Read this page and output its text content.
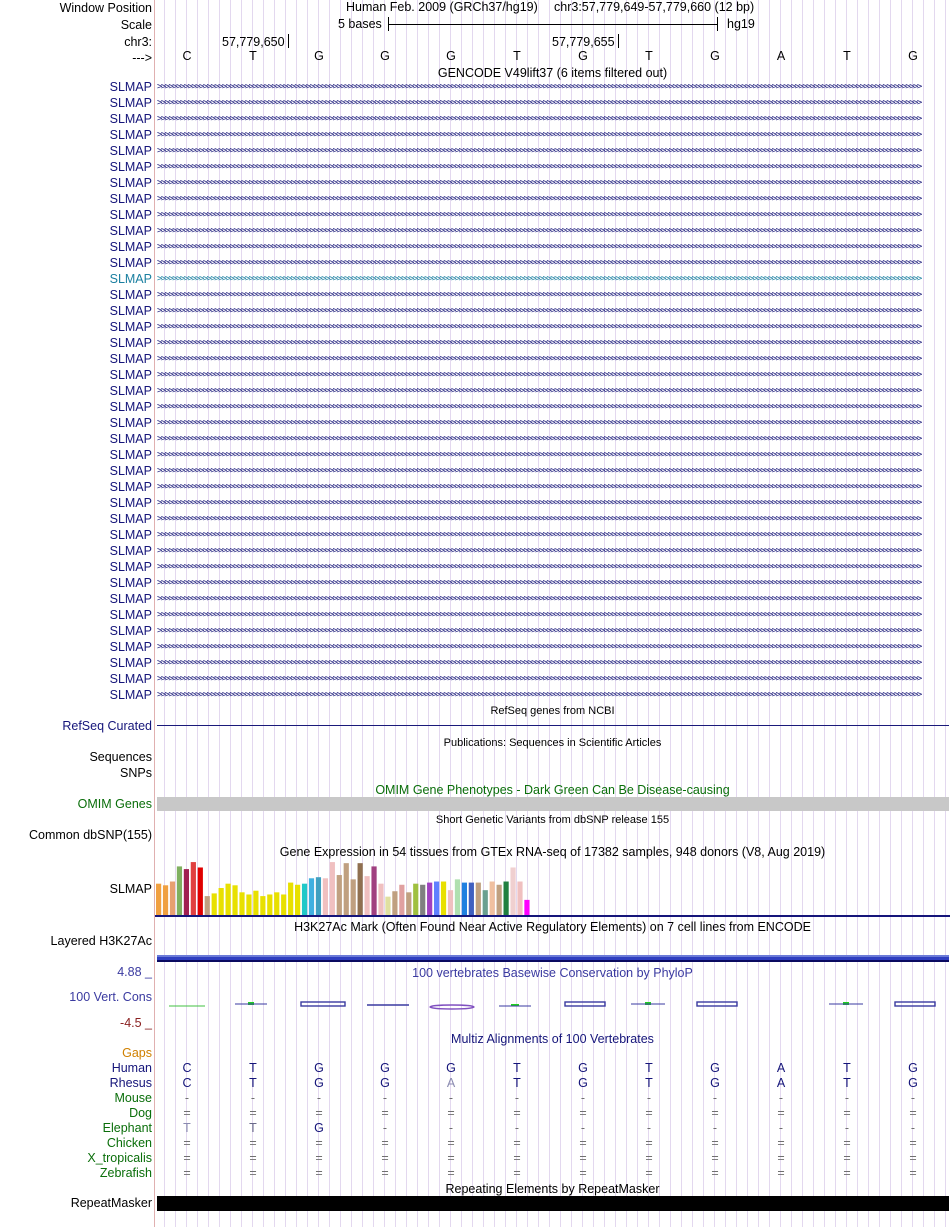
Window Position	Human Feb. 2009 (GRCh37/hg19) chr3:57,779,649-57,779,660 (12 bp)
Scale	5 bases	hg19
chr3:	57,779,650	57,779,655
--->	C	T	G	G	G	T	G	T	G	A	T	G
GENCODE V49lift37 (6 items filtered out)
SLMAP >>>>>>>>>>>>>>>>>>>>>>>>>>>>>>>>>>>>>>>>>>>>>>>>>>>>>>>>>>>>>>>>>>>>>>>>>>>>>>>>>>>>>>>>>>>>>>>>>>>>>>>>>>>>>>>>>>>>>>>>>>>>>>>>>>>>>>>>>>>>>>>>>>>>>>>>>>>>>>>>>>>>>>>>>>>>>>>>>>>>>>>>>>>>>>>>>>>>>>>>
SLMAP >>>>>>>>>>>>>>>>>>>>>>>>>>>>>>>>>>>>>>>>>>>>>>>>>>>>>>>>>>>>>>>>>>>>>>>>>>>>>>>>>>>>>>>>>>>>>>>>>>>>>>>>>>>>>>>>>>>>>>>>>>>>>>>>>>>>>>>>>>>>>>>>>>>>>>>>>>>>>>>>>>>>>>>>>>>>>>>>>>>>>>>>>>>>>>>>>>>>>>>>
SLMAP >>>>>>>>>>>>>>>>>>>>>>>>>>>>>>>>>>>>>>>>>>>>>>>>>>>>>>>>>>>>>>>>>>>>>>>>>>>>>>>>>>>>>>>>>>>>>>>>>>>>>>>>>>>>>>>>>>>>>>>>>>>>>>>>>>>>>>>>>>>>>>>>>>>>>>>>>>>>>>>>>>>>>>>>>>>>>>>>>>>>>>>>>>>>>>>>>>>>>>>>
SLMAP >>>>>>>>>>>>>>>>>>>>>>>>>>>>>>>>>>>>>>>>>>>>>>>>>>>>>>>>>>>>>>>>>>>>>>>>>>>>>>>>>>>>>>>>>>>>>>>>>>>>>>>>>>>>>>>>>>>>>>>>>>>>>>>>>>>>>>>>>>>>>>>>>>>>>>>>>>>>>>>>>>>>>>>>>>>>>>>>>>>>>>>>>>>>>>>>>>>>>>>>
SLMAP >>>>>>>>>>>>>>>>>>>>>>>>>>>>>>>>>>>>>>>>>>>>>>>>>>>>>>>>>>>>>>>>>>>>>>>>>>>>>>>>>>>>>>>>>>>>>>>>>>>>>>>>>>>>>>>>>>>>>>>>>>>>>>>>>>>>>>>>>>>>>>>>>>>>>>>>>>>>>>>>>>>>>>>>>>>>>>>>>>>>>>>>>>>>>>>>>>>>>>>>
SLMAP >>>>>>>>>>>>>>>>>>>>>>>>>>>>>>>>>>>>>>>>>>>>>>>>>>>>>>>>>>>>>>>>>>>>>>>>>>>>>>>>>>>>>>>>>>>>>>>>>>>>>>>>>>>>>>>>>>>>>>>>>>>>>>>>>>>>>>>>>>>>>>>>>>>>>>>>>>>>>>>>>>>>>>>>>>>>>>>>>>>>>>>>>>>>>>>>>>>>>>>>
SLMAP >>>>>>>>>>>>>>>>>>>>>>>>>>>>>>>>>>>>>>>>>>>>>>>>>>>>>>>>>>>>>>>>>>>>>>>>>>>>>>>>>>>>>>>>>>>>>>>>>>>>>>>>>>>>>>>>>>>>>>>>>>>>>>>>>>>>>>>>>>>>>>>>>>>>>>>>>>>>>>>>>>>>>>>>>>>>>>>>>>>>>>>>>>>>>>>>>>>>>>>>
SLMAP >>>>>>>>>>>>>>>>>>>>>>>>>>>>>>>>>>>>>>>>>>>>>>>>>>>>>>>>>>>>>>>>>>>>>>>>>>>>>>>>>>>>>>>>>>>>>>>>>>>>>>>>>>>>>>>>>>>>>>>>>>>>>>>>>>>>>>>>>>>>>>>>>>>>>>>>>>>>>>>>>>>>>>>>>>>>>>>>>>>>>>>>>>>>>>>>>>>>>>>>
SLMAP >>>>>>>>>>>>>>>>>>>>>>>>>>>>>>>>>>>>>>>>>>>>>>>>>>>>>>>>>>>>>>>>>>>>>>>>>>>>>>>>>>>>>>>>>>>>>>>>>>>>>>>>>>>>>>>>>>>>>>>>>>>>>>>>>>>>>>>>>>>>>>>>>>>>>>>>>>>>>>>>>>>>>>>>>>>>>>>>>>>>>>>>>>>>>>>>>>>>>>>>
SLMAP >>>>>>>>>>>>>>>>>>>>>>>>>>>>>>>>>>>>>>>>>>>>>>>>>>>>>>>>>>>>>>>>>>>>>>>>>>>>>>>>>>>>>>>>>>>>>>>>>>>>>>>>>>>>>>>>>>>>>>>>>>>>>>>>>>>>>>>>>>>>>>>>>>>>>>>>>>>>>>>>>>>>>>>>>>>>>>>>>>>>>>>>>>>>>>>>>>>>>>>>
SLMAP >>>>>>>>>>>>>>>>>>>>>>>>>>>>>>>>>>>>>>>>>>>>>>>>>>>>>>>>>>>>>>>>>>>>>>>>>>>>>>>>>>>>>>>>>>>>>>>>>>>>>>>>>>>>>>>>>>>>>>>>>>>>>>>>>>>>>>>>>>>>>>>>>>>>>>>>>>>>>>>>>>>>>>>>>>>>>>>>>>>>>>>>>>>>>>>>>>>>>>>>
SLMAP >>>>>>>>>>>>>>>>>>>>>>>>>>>>>>>>>>>>>>>>>>>>>>>>>>>>>>>>>>>>>>>>>>>>>>>>>>>>>>>>>>>>>>>>>>>>>>>>>>>>>>>>>>>>>>>>>>>>>>>>>>>>>>>>>>>>>>>>>>>>>>>>>>>>>>>>>>>>>>>>>>>>>>>>>>>>>>>>>>>>>>>>>>>>>>>>>>>>>>>>
SLMAP >>>>>>>>>>>>>>>>>>>>>>>>>>>>>>>>>>>>>>>>>>>>>>>>>>>>>>>>>>>>>>>>>>>>>>>>>>>>>>>>>>>>>>>>>>>>>>>>>>>>>>>>>>>>>>>>>>>>>>>>>>>>>>>>>>>>>>>>>>>>>>>>>>>>>>>>>>>>>>>>>>>>>>>>>>>>>>>>>>>>>>>>>>>>>>>>>>>>>>>>
SLMAP >>>>>>>>>>>>>>>>>>>>>>>>>>>>>>>>>>>>>>>>>>>>>>>>>>>>>>>>>>>>>>>>>>>>>>>>>>>>>>>>>>>>>>>>>>>>>>>>>>>>>>>>>>>>>>>>>>>>>>>>>>>>>>>>>>>>>>>>>>>>>>>>>>>>>>>>>>>>>>>>>>>>>>>>>>>>>>>>>>>>>>>>>>>>>>>>>>>>>>>>
SLMAP >>>>>>>>>>>>>>>>>>>>>>>>>>>>>>>>>>>>>>>>>>>>>>>>>>>>>>>>>>>>>>>>>>>>>>>>>>>>>>>>>>>>>>>>>>>>>>>>>>>>>>>>>>>>>>>>>>>>>>>>>>>>>>>>>>>>>>>>>>>>>>>>>>>>>>>>>>>>>>>>>>>>>>>>>>>>>>>>>>>>>>>>>>>>>>>>>>>>>>>>
SLMAP >>>>>>>>>>>>>>>>>>>>>>>>>>>>>>>>>>>>>>>>>>>>>>>>>>>>>>>>>>>>>>>>>>>>>>>>>>>>>>>>>>>>>>>>>>>>>>>>>>>>>>>>>>>>>>>>>>>>>>>>>>>>>>>>>>>>>>>>>>>>>>>>>>>>>>>>>>>>>>>>>>>>>>>>>>>>>>>>>>>>>>>>>>>>>>>>>>>>>>>>
SLMAP >>>>>>>>>>>>>>>>>>>>>>>>>>>>>>>>>>>>>>>>>>>>>>>>>>>>>>>>>>>>>>>>>>>>>>>>>>>>>>>>>>>>>>>>>>>>>>>>>>>>>>>>>>>>>>>>>>>>>>>>>>>>>>>>>>>>>>>>>>>>>>>>>>>>>>>>>>>>>>>>>>>>>>>>>>>>>>>>>>>>>>>>>>>>>>>>>>>>>>>>
SLMAP >>>>>>>>>>>>>>>>>>>>>>>>>>>>>>>>>>>>>>>>>>>>>>>>>>>>>>>>>>>>>>>>>>>>>>>>>>>>>>>>>>>>>>>>>>>>>>>>>>>>>>>>>>>>>>>>>>>>>>>>>>>>>>>>>>>>>>>>>>>>>>>>>>>>>>>>>>>>>>>>>>>>>>>>>>>>>>>>>>>>>>>>>>>>>>>>>>>>>>>>
SLMAP >>>>>>>>>>>>>>>>>>>>>>>>>>>>>>>>>>>>>>>>>>>>>>>>>>>>>>>>>>>>>>>>>>>>>>>>>>>>>>>>>>>>>>>>>>>>>>>>>>>>>>>>>>>>>>>>>>>>>>>>>>>>>>>>>>>>>>>>>>>>>>>>>>>>>>>>>>>>>>>>>>>>>>>>>>>>>>>>>>>>>>>>>>>>>>>>>>>>>>>>
SLMAP >>>>>>>>>>>>>>>>>>>>>>>>>>>>>>>>>>>>>>>>>>>>>>>>>>>>>>>>>>>>>>>>>>>>>>>>>>>>>>>>>>>>>>>>>>>>>>>>>>>>>>>>>>>>>>>>>>>>>>>>>>>>>>>>>>>>>>>>>>>>>>>>>>>>>>>>>>>>>>>>>>>>>>>>>>>>>>>>>>>>>>>>>>>>>>>>>>>>>>>>
SLMAP >>>>>>>>>>>>>>>>>>>>>>>>>>>>>>>>>>>>>>>>>>>>>>>>>>>>>>>>>>>>>>>>>>>>>>>>>>>>>>>>>>>>>>>>>>>>>>>>>>>>>>>>>>>>>>>>>>>>>>>>>>>>>>>>>>>>>>>>>>>>>>>>>>>>>>>>>>>>>>>>>>>>>>>>>>>>>>>>>>>>>>>>>>>>>>>>>>>>>>>>
SLMAP >>>>>>>>>>>>>>>>>>>>>>>>>>>>>>>>>>>>>>>>>>>>>>>>>>>>>>>>>>>>>>>>>>>>>>>>>>>>>>>>>>>>>>>>>>>>>>>>>>>>>>>>>>>>>>>>>>>>>>>>>>>>>>>>>>>>>>>>>>>>>>>>>>>>>>>>>>>>>>>>>>>>>>>>>>>>>>>>>>>>>>>>>>>>>>>>>>>>>>>>
SLMAP >>>>>>>>>>>>>>>>>>>>>>>>>>>>>>>>>>>>>>>>>>>>>>>>>>>>>>>>>>>>>>>>>>>>>>>>>>>>>>>>>>>>>>>>>>>>>>>>>>>>>>>>>>>>>>>>>>>>>>>>>>>>>>>>>>>>>>>>>>>>>>>>>>>>>>>>>>>>>>>>>>>>>>>>>>>>>>>>>>>>>>>>>>>>>>>>>>>>>>>>
SLMAP >>>>>>>>>>>>>>>>>>>>>>>>>>>>>>>>>>>>>>>>>>>>>>>>>>>>>>>>>>>>>>>>>>>>>>>>>>>>>>>>>>>>>>>>>>>>>>>>>>>>>>>>>>>>>>>>>>>>>>>>>>>>>>>>>>>>>>>>>>>>>>>>>>>>>>>>>>>>>>>>>>>>>>>>>>>>>>>>>>>>>>>>>>>>>>>>>>>>>>>>
SLMAP >>>>>>>>>>>>>>>>>>>>>>>>>>>>>>>>>>>>>>>>>>>>>>>>>>>>>>>>>>>>>>>>>>>>>>>>>>>>>>>>>>>>>>>>>>>>>>>>>>>>>>>>>>>>>>>>>>>>>>>>>>>>>>>>>>>>>>>>>>>>>>>>>>>>>>>>>>>>>>>>>>>>>>>>>>>>>>>>>>>>>>>>>>>>>>>>>>>>>>>>
SLMAP >>>>>>>>>>>>>>>>>>>>>>>>>>>>>>>>>>>>>>>>>>>>>>>>>>>>>>>>>>>>>>>>>>>>>>>>>>>>>>>>>>>>>>>>>>>>>>>>>>>>>>>>>>>>>>>>>>>>>>>>>>>>>>>>>>>>>>>>>>>>>>>>>>>>>>>>>>>>>>>>>>>>>>>>>>>>>>>>>>>>>>>>>>>>>>>>>>>>>>>>
SLMAP >>>>>>>>>>>>>>>>>>>>>>>>>>>>>>>>>>>>>>>>>>>>>>>>>>>>>>>>>>>>>>>>>>>>>>>>>>>>>>>>>>>>>>>>>>>>>>>>>>>>>>>>>>>>>>>>>>>>>>>>>>>>>>>>>>>>>>>>>>>>>>>>>>>>>>>>>>>>>>>>>>>>>>>>>>>>>>>>>>>>>>>>>>>>>>>>>>>>>>>>
SLMAP >>>>>>>>>>>>>>>>>>>>>>>>>>>>>>>>>>>>>>>>>>>>>>>>>>>>>>>>>>>>>>>>>>>>>>>>>>>>>>>>>>>>>>>>>>>>>>>>>>>>>>>>>>>>>>>>>>>>>>>>>>>>>>>>>>>>>>>>>>>>>>>>>>>>>>>>>>>>>>>>>>>>>>>>>>>>>>>>>>>>>>>>>>>>>>>>>>>>>>>>
SLMAP >>>>>>>>>>>>>>>>>>>>>>>>>>>>>>>>>>>>>>>>>>>>>>>>>>>>>>>>>>>>>>>>>>>>>>>>>>>>>>>>>>>>>>>>>>>>>>>>>>>>>>>>>>>>>>>>>>>>>>>>>>>>>>>>>>>>>>>>>>>>>>>>>>>>>>>>>>>>>>>>>>>>>>>>>>>>>>>>>>>>>>>>>>>>>>>>>>>>>>>>
SLMAP >>>>>>>>>>>>>>>>>>>>>>>>>>>>>>>>>>>>>>>>>>>>>>>>>>>>>>>>>>>>>>>>>>>>>>>>>>>>>>>>>>>>>>>>>>>>>>>>>>>>>>>>>>>>>>>>>>>>>>>>>>>>>>>>>>>>>>>>>>>>>>>>>>>>>>>>>>>>>>>>>>>>>>>>>>>>>>>>>>>>>>>>>>>>>>>>>>>>>>>>
SLMAP >>>>>>>>>>>>>>>>>>>>>>>>>>>>>>>>>>>>>>>>>>>>>>>>>>>>>>>>>>>>>>>>>>>>>>>>>>>>>>>>>>>>>>>>>>>>>>>>>>>>>>>>>>>>>>>>>>>>>>>>>>>>>>>>>>>>>>>>>>>>>>>>>>>>>>>>>>>>>>>>>>>>>>>>>>>>>>>>>>>>>>>>>>>>>>>>>>>>>>>>
SLMAP >>>>>>>>>>>>>>>>>>>>>>>>>>>>>>>>>>>>>>>>>>>>>>>>>>>>>>>>>>>>>>>>>>>>>>>>>>>>>>>>>>>>>>>>>>>>>>>>>>>>>>>>>>>>>>>>>>>>>>>>>>>>>>>>>>>>>>>>>>>>>>>>>>>>>>>>>>>>>>>>>>>>>>>>>>>>>>>>>>>>>>>>>>>>>>>>>>>>>>>>
SLMAP >>>>>>>>>>>>>>>>>>>>>>>>>>>>>>>>>>>>>>>>>>>>>>>>>>>>>>>>>>>>>>>>>>>>>>>>>>>>>>>>>>>>>>>>>>>>>>>>>>>>>>>>>>>>>>>>>>>>>>>>>>>>>>>>>>>>>>>>>>>>>>>>>>>>>>>>>>>>>>>>>>>>>>>>>>>>>>>>>>>>>>>>>>>>>>>>>>>>>>>>
SLMAP >>>>>>>>>>>>>>>>>>>>>>>>>>>>>>>>>>>>>>>>>>>>>>>>>>>>>>>>>>>>>>>>>>>>>>>>>>>>>>>>>>>>>>>>>>>>>>>>>>>>>>>>>>>>>>>>>>>>>>>>>>>>>>>>>>>>>>>>>>>>>>>>>>>>>>>>>>>>>>>>>>>>>>>>>>>>>>>>>>>>>>>>>>>>>>>>>>>>>>>>
SLMAP >>>>>>>>>>>>>>>>>>>>>>>>>>>>>>>>>>>>>>>>>>>>>>>>>>>>>>>>>>>>>>>>>>>>>>>>>>>>>>>>>>>>>>>>>>>>>>>>>>>>>>>>>>>>>>>>>>>>>>>>>>>>>>>>>>>>>>>>>>>>>>>>>>>>>>>>>>>>>>>>>>>>>>>>>>>>>>>>>>>>>>>>>>>>>>>>>>>>>>>>
SLMAP >>>>>>>>>>>>>>>>>>>>>>>>>>>>>>>>>>>>>>>>>>>>>>>>>>>>>>>>>>>>>>>>>>>>>>>>>>>>>>>>>>>>>>>>>>>>>>>>>>>>>>>>>>>>>>>>>>>>>>>>>>>>>>>>>>>>>>>>>>>>>>>>>>>>>>>>>>>>>>>>>>>>>>>>>>>>>>>>>>>>>>>>>>>>>>>>>>>>>>>>
SLMAP >>>>>>>>>>>>>>>>>>>>>>>>>>>>>>>>>>>>>>>>>>>>>>>>>>>>>>>>>>>>>>>>>>>>>>>>>>>>>>>>>>>>>>>>>>>>>>>>>>>>>>>>>>>>>>>>>>>>>>>>>>>>>>>>>>>>>>>>>>>>>>>>>>>>>>>>>>>>>>>>>>>>>>>>>>>>>>>>>>>>>>>>>>>>>>>>>>>>>>>>
SLMAP >>>>>>>>>>>>>>>>>>>>>>>>>>>>>>>>>>>>>>>>>>>>>>>>>>>>>>>>>>>>>>>>>>>>>>>>>>>>>>>>>>>>>>>>>>>>>>>>>>>>>>>>>>>>>>>>>>>>>>>>>>>>>>>>>>>>>>>>>>>>>>>>>>>>>>>>>>>>>>>>>>>>>>>>>>>>>>>>>>>>>>>>>>>>>>>>>>>>>>>>
SLMAP >>>>>>>>>>>>>>>>>>>>>>>>>>>>>>>>>>>>>>>>>>>>>>>>>>>>>>>>>>>>>>>>>>>>>>>>>>>>>>>>>>>>>>>>>>>>>>>>>>>>>>>>>>>>>>>>>>>>>>>>>>>>>>>>>>>>>>>>>>>>>>>>>>>>>>>>>>>>>>>>>>>>>>>>>>>>>>>>>>>>>>>>>>>>>>>>>>>>>>>>
RefSeq genes from NCBI
RefSeq Curated
Publications: Sequences in Scientific Articles
Sequences
SNPs
OMIM Gene Phenotypes - Dark Green Can Be Disease-causing
OMIM Genes
Short Genetic Variants from dbSNP release 155
Common dbSNP(155)
Gene Expression in 54 tissues from GTEx RNA-seq of 17382 samples, 948 donors (V8, Aug 2019)
SLMAP
H3K27Ac Mark (Often Found Near Active Regulatory Elements) on 7 cell lines from ENCODE
Layered H3K27Ac
100 vertebrates Basewise Conservation by PhyloP
4.88 _
100 Vert. Cons
-4.5 _
Multiz Alignments of 100 Vertebrates
Gaps
Human	C	T	G	G	G	T	G	T	G	A	T	G
Rhesus	C	T	G	G	A	T	G	T	G	A	T	G
Mouse	-	-	-	-	-	-	-	-	-	-	-	-
Dog	=	=	=	=	=	=	=	=	=	=	=	=
Elephant	T	T	G	-	-	-	-	-	-	-	-	-
Chicken	=	=	=	=	=	=	=	=	=	=	=	=
X_tropicalis	=	=	=	=	=	=	=	=	=	=	=	=
Zebrafish	=	=	=	=	=	=	=	=	=	=	=	=
Repeating Elements by RepeatMasker
RepeatMasker
